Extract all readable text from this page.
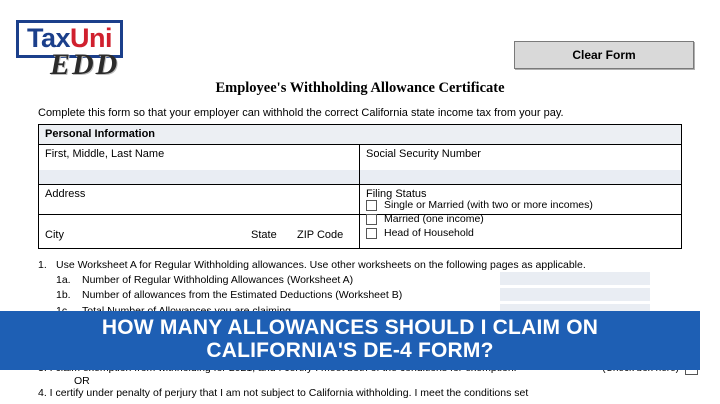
TaxUni
EDD	Clear Form
Employee's Withholding Allowance Certificate
Complete this form so that your employer can withhold the correct California state income tax from your pay.
Personal Information
First, Middle, Last Name	Social Security Number
Address	Filing Status
City	State ZIP Code
Single or Married (with two or more incomes)
Married (one income)
Head of Household
1. Use Worksheet A for Regular Withholding allowances. Use other worksheets on the following pages as applicable.
1a. Number of Regular Withholding Allowances (Worksheet A)
1b. Number of allowances from the Estimated Deductions (Worksheet B)
OR
4. I certify under penalty of perjury that I am not subject to California withholding. I meet the conditions set
HOW MANY ALLOWANCES SHOULD I CLAIM ON
CALIFORNIA'S DE-4 FORM?
